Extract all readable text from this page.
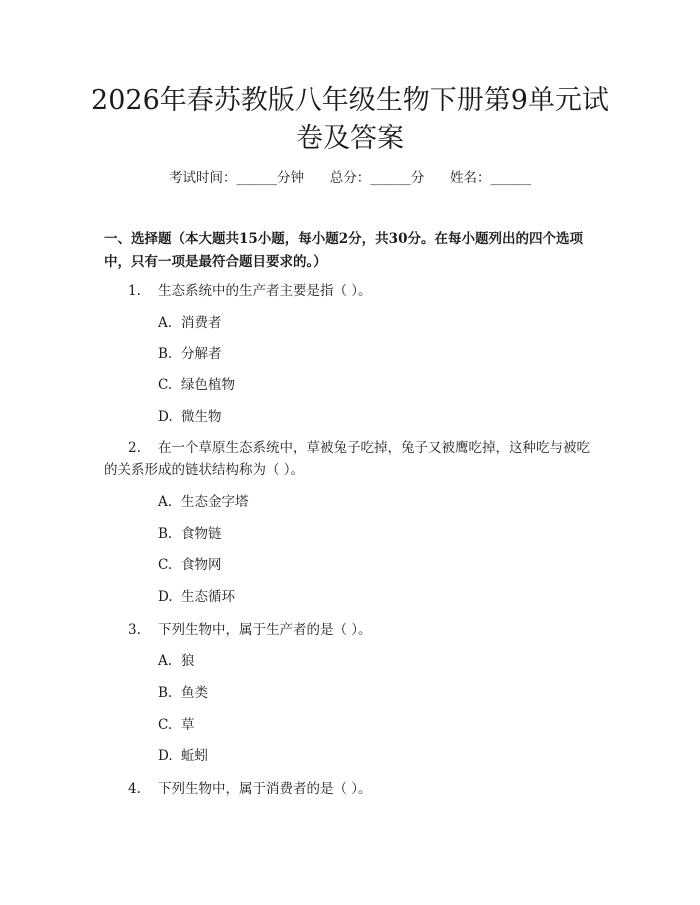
2026年春苏教版八年级生物下册第9单元试卷及答案
考试时间：______分钟 总分：______分 姓名：______

一、选择题（本大题共15小题，每小题2分，共30分。在每小题列出的四个选项中，只有一项是最符合题目要求的。）

1. 生态系统中的生产者主要是指（ ）。

A. 消费者

B. 分解者

C. 绿色植物

D. 微生物

2. 在一个草原生态系统中，草被兔子吃掉，兔子又被鹰吃掉，这种吃与被吃的关系形成的链状结构称为（ ）。

A. 生态金字塔

B. 食物链

C. 食物网

D. 生态循环

3. 下列生物中，属于生产者的是（ ）。

A. 狼

B. 鱼类

C. 草

D. 蚯蚓

4. 下列生物中，属于消费者的是（ ）。
